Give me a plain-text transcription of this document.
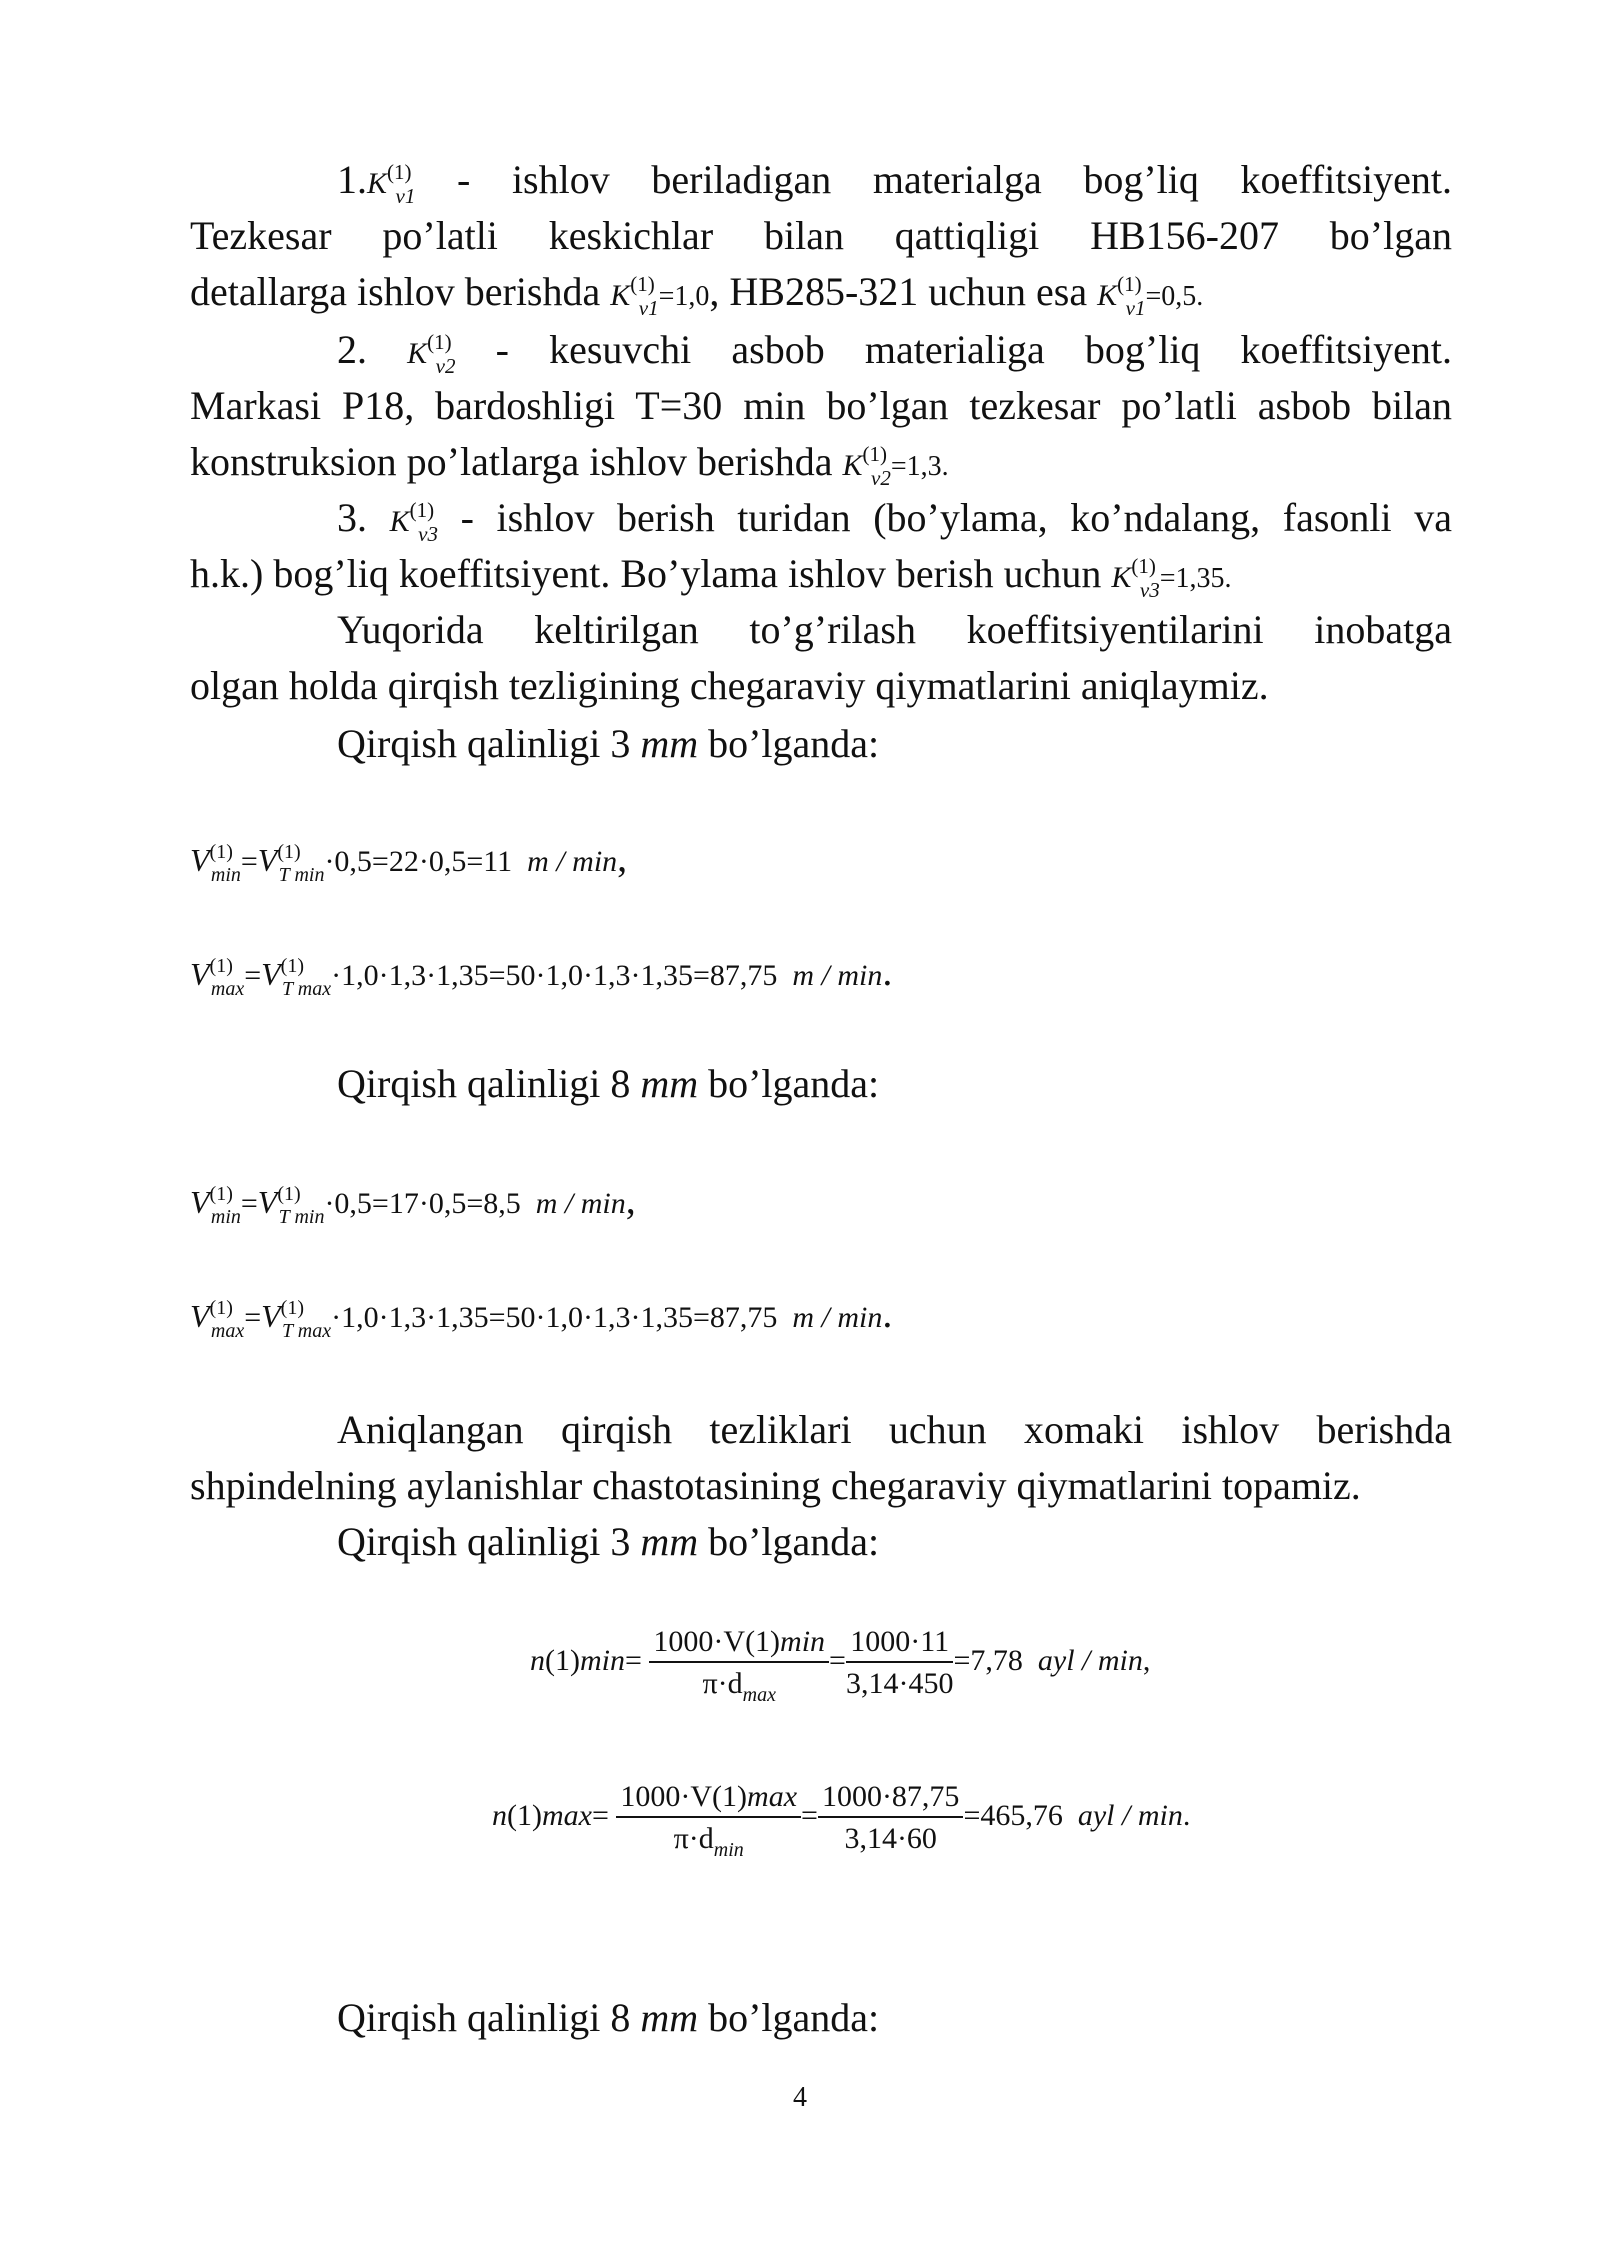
$1.K^{(1)}_{v1}$ - ishlov beriladigan materialga bog’liq koeffitsiyent.
Tezkesar po’latli keskichlar bilan qattiqligi HB156-207 bo’lgan
detallarga ishlov berishda $K^{(1)}_{v1}=1,0$, HB285-321 uchun esa $K^{(1)}_{v1}=0,5$.
2. $K^{(1)}_{v2}$ - kesuvchi asbob materialiga bog’liq koeffitsiyent.
Markasi P18, bardoshligi T=30 min bo’lgan tezkesar po’latli asbob bilan
konstruksion po’latlarga ishlov berishda $K^{(1)}_{v2}=1,3$.
3. $K^{(1)}_{v3}$ - ishlov berish turidan (bo’ylama, ko’ndalang, fasonli va
h.k.) bog’liq koeffitsiyent. Bo’ylama ishlov berish uchun $K^{(1)}_{v3}=1,35$.
Yuqorida keltirilgan to’g’rilash koeffitsiyentilarini inobatga
olgan holda qirqish tezligining chegaraviy qiymatlarini aniqlaymiz.
Qirqish qalinligi 3 mm bo’lganda:
$V^{(1)}_{min}=V^{(1)}_{T min}\cdot 0,5=22\cdot 0,5=11$ m / min,
$V^{(1)}_{max}=V^{(1)}_{T max}\cdot 1,0\cdot 1,3\cdot 1,35=50\cdot 1,0\cdot 1,3\cdot 1,35=87,75$ m / min.
Qirqish qalinligi 8 mm bo’lganda:
$V^{(1)}_{min}=V^{(1)}_{T min}\cdot 0,5=17\cdot 0,5=8,5$ m / min,
$V^{(1)}_{max}=V^{(1)}_{T max}\cdot 1,0\cdot 1,3\cdot 1,35=50\cdot 1,0\cdot 1,3\cdot 1,35=87,75$ m / min.
Aniqlangan qirqish tezliklari uchun xomaki ishlov berishda
shpindelning aylanishlar chastotasining chegaraviy qiymatlarini topamiz.
Qirqish qalinligi 3 mm bo’lganda:
$n(1)\min= \frac{1000\cdot V(1)\min}{\pi\cdot d_{max}} = \frac{1000\cdot 11}{3,14\cdot 450} =7,78$ ayl / min,
$n(1)\max= \frac{1000\cdot V(1)\max}{\pi\cdot d_{min}} = \frac{1000\cdot 87,75}{3,14\cdot 60} =465,76$ ayl / min.
Qirqish qalinligi 8 mm bo’lganda:
4
